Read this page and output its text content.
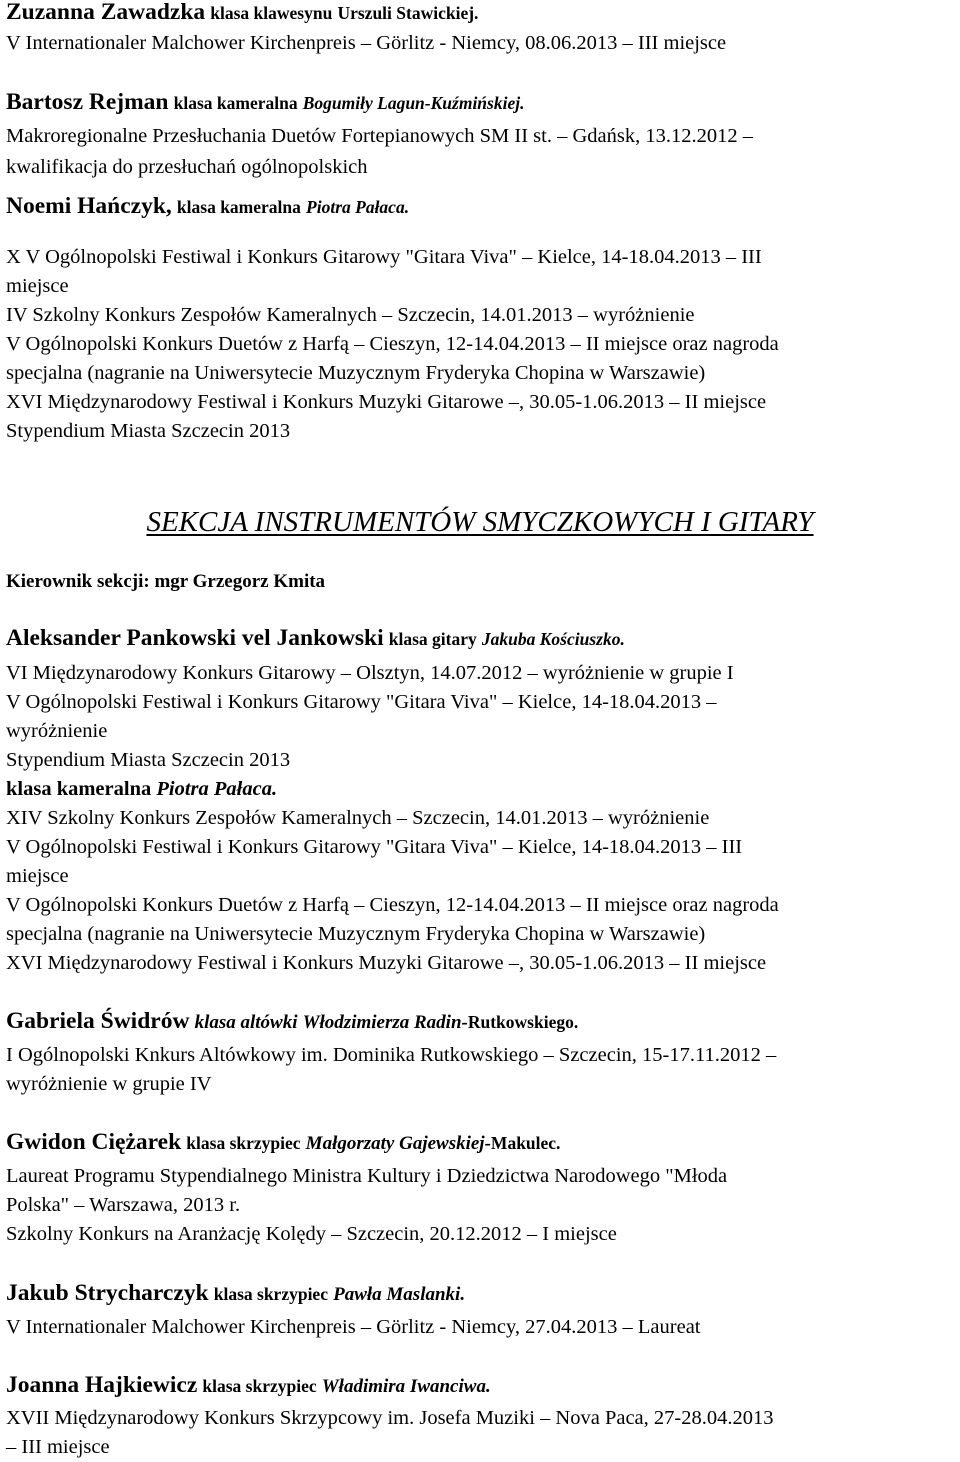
Zuzanna Zawadzka klasa klawesynu Urszuli Stawickiej.
V Internationaler Malchower Kirchenpreis – Görlitz - Niemcy, 08.06.2013 – III miejsce
Bartosz Rejman klasa kameralna Bogumiły Lagun-Kuźmińskiej.
Makroregionalne Przesłuchania Duetów Fortepianowych SM II st. – Gdańsk, 13.12.2012 –
kwalifikacja do przesłuchań ogólnopolskich
Noemi Hańczyk, klasa kameralna Piotra Pałaca.
X V Ogólnopolski Festiwal i Konkurs Gitarowy "Gitara Viva" – Kielce, 14-18.04.2013 – III
miejsce
IV Szkolny Konkurs Zespołów Kameralnych – Szczecin, 14.01.2013 – wyróżnienie
V Ogólnopolski Konkurs Duetów z Harfą – Cieszyn, 12-14.04.2013 – II miejsce oraz nagroda
specjalna (nagranie na Uniwersytecie Muzycznym Fryderyka Chopina w Warszawie)
XVI Międzynarodowy Festiwal i Konkurs Muzyki Gitarowe –, 30.05-1.06.2013 – II miejsce
Stypendium Miasta Szczecin 2013
SEKCJA INSTRUMENTÓW SMYCZKOWYCH I GITARY
Kierownik sekcji: mgr Grzegorz Kmita
Aleksander Pankowski vel Jankowski klasa gitary Jakuba Kościuszko.
VI Międzynarodowy Konkurs Gitarowy – Olsztyn, 14.07.2012 – wyróżnienie w grupie I
V Ogólnopolski Festiwal i Konkurs Gitarowy "Gitara Viva" – Kielce, 14-18.04.2013 –
wyróżnienie
Stypendium Miasta Szczecin 2013
klasa kameralna Piotra Pałaca.
XIV Szkolny Konkurs Zespołów Kameralnych – Szczecin, 14.01.2013 – wyróżnienie
V Ogólnopolski Festiwal i Konkurs Gitarowy "Gitara Viva" – Kielce, 14-18.04.2013 – III
miejsce
V Ogólnopolski Konkurs Duetów z Harfą – Cieszyn, 12-14.04.2013 – II miejsce oraz nagroda
specjalna (nagranie na Uniwersytecie Muzycznym Fryderyka Chopina w Warszawie)
XVI Międzynarodowy Festiwal i Konkurs Muzyki Gitarowe –, 30.05-1.06.2013 – II miejsce
Gabriela Świdrów klasa altówki Włodzimierza Radin-Rutkowskiego.
I Ogólnopolski Knkurs Altówkowy im. Dominika Rutkowskiego – Szczecin, 15-17.11.2012 –
wyróżnienie w grupie IV
Gwidon Ciężarek klasa skrzypiec Małgorzaty Gajewskiej-Makulec.
Laureat Programu Stypendialnego Ministra Kultury i Dziedzictwa Narodowego "Młoda
Polska" – Warszawa, 2013 r.
Szkolny Konkurs na Aranżację Kolędy – Szczecin, 20.12.2012 – I miejsce
Jakub Strycharczyk klasa skrzypiec Pawła Maslanki.
V Internationaler Malchower Kirchenpreis – Görlitz - Niemcy, 27.04.2013 – Laureat
Joanna Hajkiewicz klasa skrzypiec Władimira Iwanciwa.
XVII Międzynarodowy Konkurs Skrzypcowy im. Josefa Muziki – Nova Paca, 27-28.04.2013
– III miejsce
